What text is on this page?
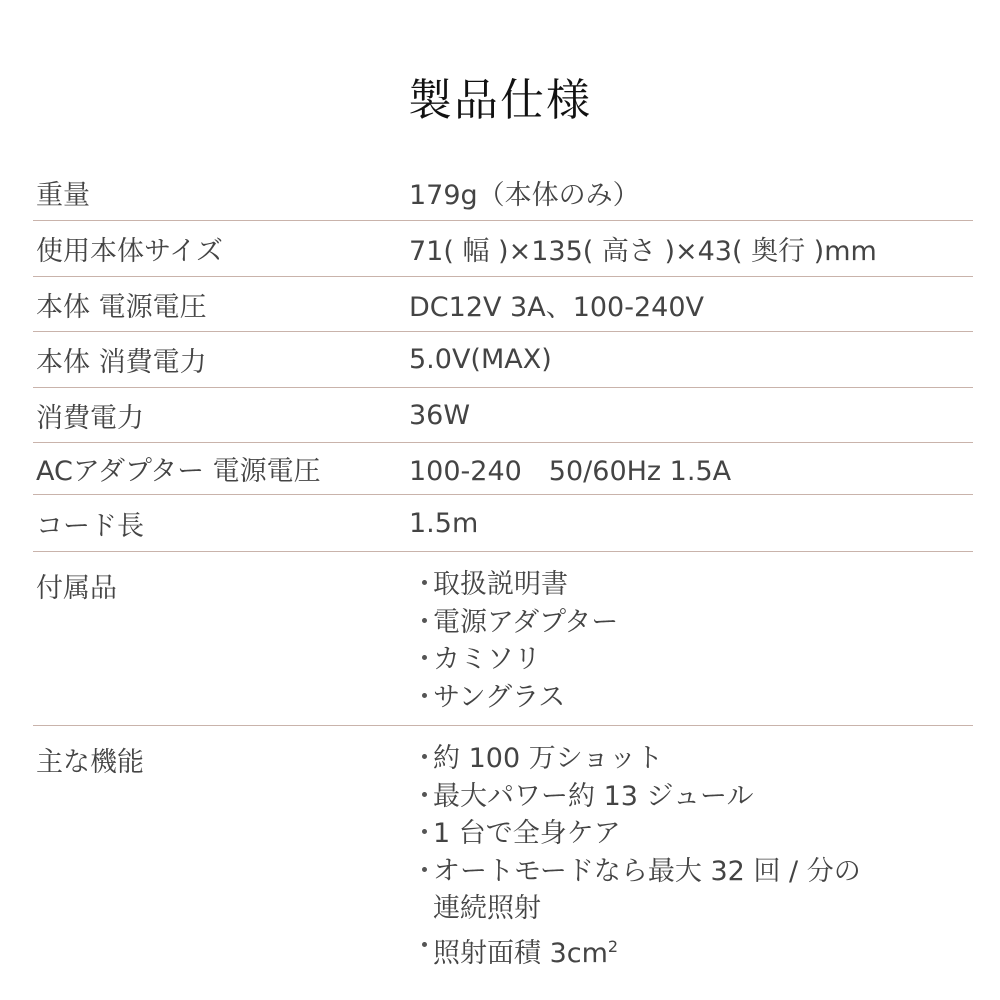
製品仕様
重量	179g（本体のみ）
使用本体サイズ	71( 幅 )×135( 高さ )×43( 奥行 )mm
本体 電源電圧	DC12V 3A、100-240V
本体 消費電力	5.0V(MAX)
消費電力	36W
ACアダプター 電源電圧	100-240　50/60Hz 1.5A
コード長	1.5m
付属品	・
取扱説明書
・
電源アダプター
・
カミソリ
・
サングラス
主な機能	・
約 100 万ショット
・
最大パワー約 13 ジュール
・
1 台で全身ケア
・
オートモードなら最大 32 回 / 分の
連続照射
・
照射面積 $3cm^2$
